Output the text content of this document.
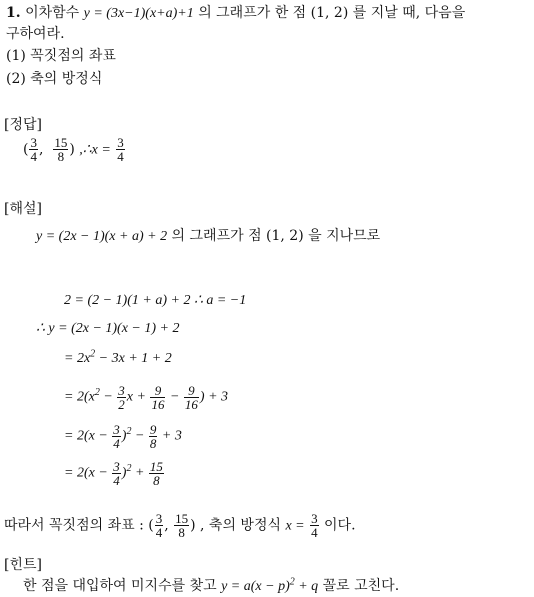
1. 이차함수 y = (3x−1)(x+a)+1 의 그래프가 한 점 (1, 2) 를 지날 때, 다음을
구하여라.
(1) 꼭짓점의 좌표
(2) 축의 방정식
[정답]
( $\frac{3}{4}$ , $\frac{15}{8}$ ) ,∴x = $\frac{3}{4}$
[해설]
y = (2x − 1)(x + a) + 2 의 그래프가 점 (1, 2) 을 지나므로
2 = (2 − 1)(1 + a) + 2 ∴ a = −1
∴ y = (2x − 1)(x − 1) + 2
= $2x^2 - 3x + 1 + 2$
= $2(x^2 - \frac{3}{2}$ $x + \frac{9}{16} - \frac{9}{16}$ ) + 3
= $2(x - \frac{3}{4} )^2 - \frac{9}{8} + 3$
= $2(x - \frac{3}{4} )^2 + \frac{15}{8}$
따라서 꼭짓점의 좌표 : ( $\frac{3}{4}$ , $\frac{15}{8}$ ) , 축의 방정식 $x = \frac{3}{4}$ 이다.
[힌트]
한 점을 대입하여 미지수를 찾고 $y = a(x - p)^2 + q$ 꼴로 고친다.
